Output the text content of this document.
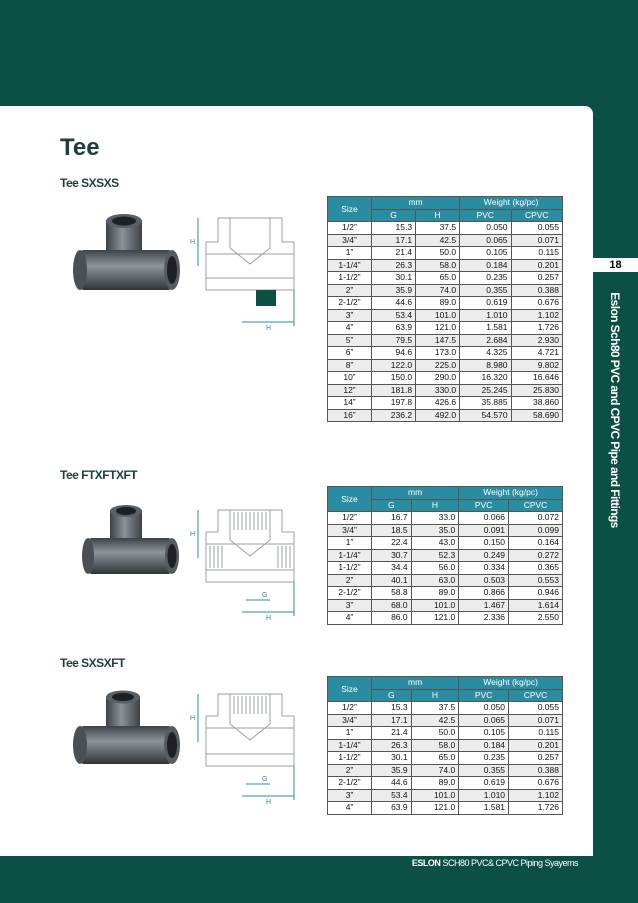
18
Eslon Sch80 PVC and CPVC Pipe and Fittings
ESLON SCH80 PVC& CPVC Piping Syayems
Tee
Tee SXSXS
H
H
Size	mm		Weight (kg/pc)	
	G	H	PVC	CPVC
1/2”	15.3	37.5	0.050	0.055
3/4”	17.1	42.5	0.065	0.071
1”	21.4	50.0	0.105	0.115
1-1/4”	26.3	58.0	0.184	0.201
1-1/2”	30.1	65.0	0.235	0.257
2”	35.9	74.0	0.355	0.388
2-1/2”	44.6	89.0	0.619	0.676
3”	53.4	101.0	1.010	1.102
4”	63.9	121.0	1.581	1.726
5”	79.5	147.5	2.684	2.930
6”	94.6	173.0	4.325	4.721
8”	122.0	225.0	8.980	9.802
10”	150.0	290.0	16.320	16.646
12”	181.8	330.0	25.245	25.830
14”	197.8	426.6	35.885	38.860
16”	236.2	492.0	54.570	58.690
Tee FTXFTXFT
H
G
H
Size	mm		Weight (kg/pc)	
	G	H	PVC	CPVC
1/2”	16.7	33.0	0.066	0.072
3/4”	18.5	35.0	0.091	0.099
1”	22.4	43.0	0.150	0.164
1-1/4”	30.7	52.3	0.249	0.272
1-1/2”	34.4	56.0	0.334	0.365
2”	40.1	63.0	0.503	0.553
2-1/2”	58.8	89.0	0.866	0.946
3”	68.0	101.0	1.467	1.614
4”	86.0	121.0	2.336	2.550
Tee SXSXFT
H
G
H
Size	mm		Weight (kg/pc)	
	G	H	PVC	CPVC
1/2”	15.3	37.5	0.050	0.055
3/4”	17.1	42.5	0.065	0.071
1”	21.4	50.0	0.105	0.115
1-1/4”	26.3	58.0	0.184	0.201
1-1/2”	30.1	65.0	0.235	0.257
2”	35.9	74.0	0.355	0.388
2-1/2”	44.6	89.0	0.619	0.676
3”	53.4	101.0	1.010	1.102
4”	63.9	121.0	1.581	1.726
